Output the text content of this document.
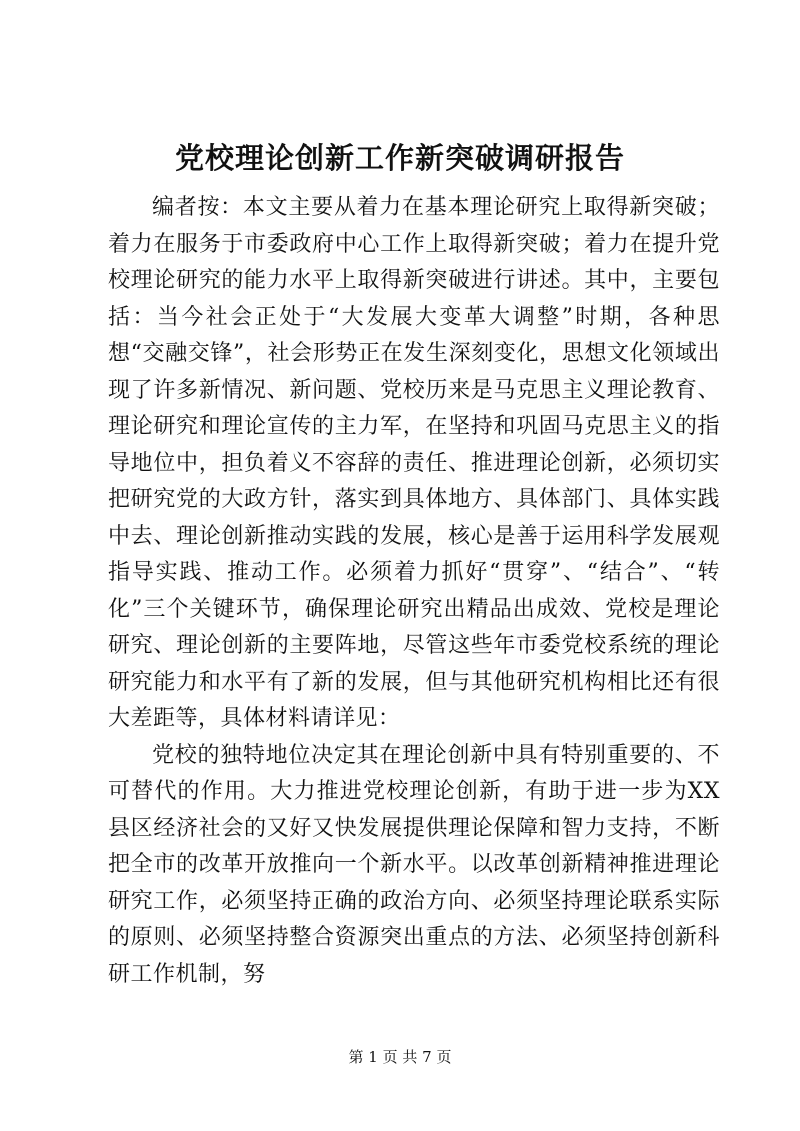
党校理论创新工作新突破调研报告

编者按：本文主要从着力在基本理论研究上取得新突破；着力在服务于市委政府中心工作上取得新突破；着力在提升党校理论研究的能力水平上取得新突破进行讲述。其中，主要包括：当今社会正处于“大发展大变革大调整”时期，各种思想“交融交锋”，社会形势正在发生深刻变化，思想文化领域出现了许多新情况、新问题、党校历来是马克思主义理论教育、理论研究和理论宣传的主力军，在坚持和巩固马克思主义的指导地位中，担负着义不容辞的责任、推进理论创新，必须切实把研究党的大政方针，落实到具体地方、具体部门、具体实践中去、理论创新推动实践的发展，核心是善于运用科学发展观指导实践、推动工作。必须着力抓好“贯穿”、“结合”、“转化”三个关键环节，确保理论研究出精品出成效、党校是理论研究、理论创新的主要阵地，尽管这些年市委党校系统的理论研究能力和水平有了新的发展，但与其他研究机构相比还有很大差距等，具体材料请详见：

党校的独特地位决定其在理论创新中具有特别重要的、不可替代的作用。大力推进党校理论创新，有助于进一步为XX县区经济社会的又好又快发展提供理论保障和智力支持，不断把全市的改革开放推向一个新水平。以改革创新精神推进理论研究工作，必须坚持正确的政治方向、必须坚持理论联系实际的原则、必须坚持整合资源突出重点的方法、必须坚持创新科研工作机制，努

第 1 页 共 7 页
